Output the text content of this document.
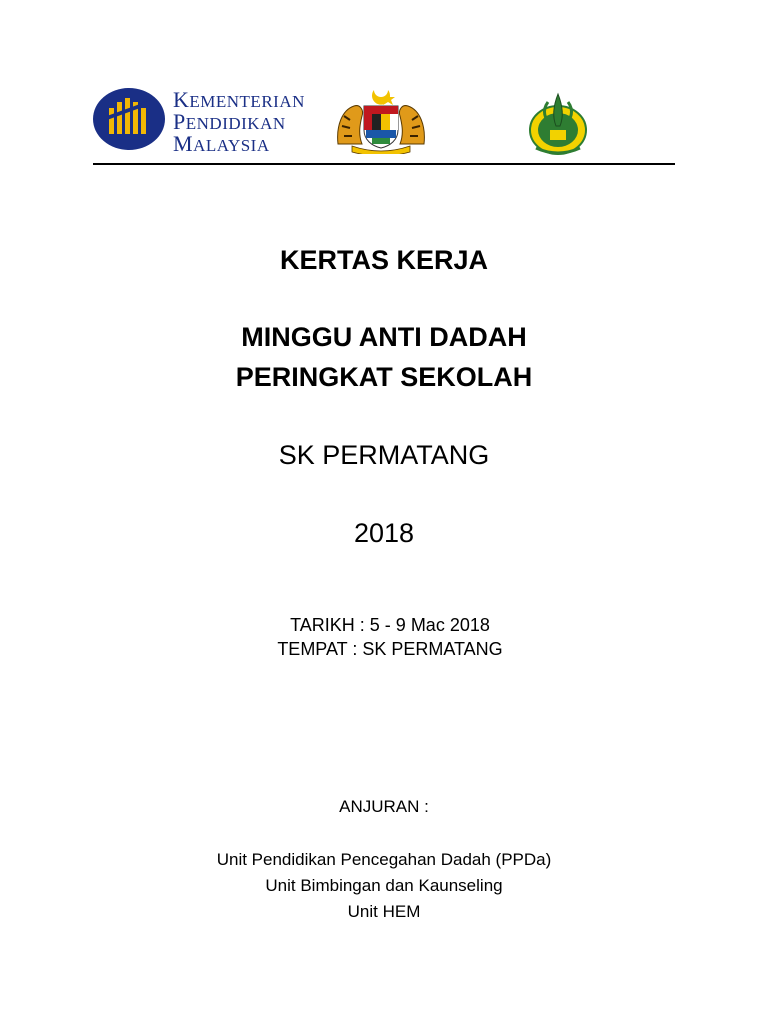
KEMENTERIAN
PENDIDIKAN
MALAYSIA
KERTAS KERJA
MINGGU ANTI DADAH
PERINGKAT SEKOLAH
SK PERMATANG
2018
TARIKH : 5 - 9 Mac 2018
TEMPAT : SK PERMATANG
ANJURAN :
Unit Pendidikan Pencegahan Dadah (PPDa)
Unit Bimbingan dan Kaunseling
Unit HEM
